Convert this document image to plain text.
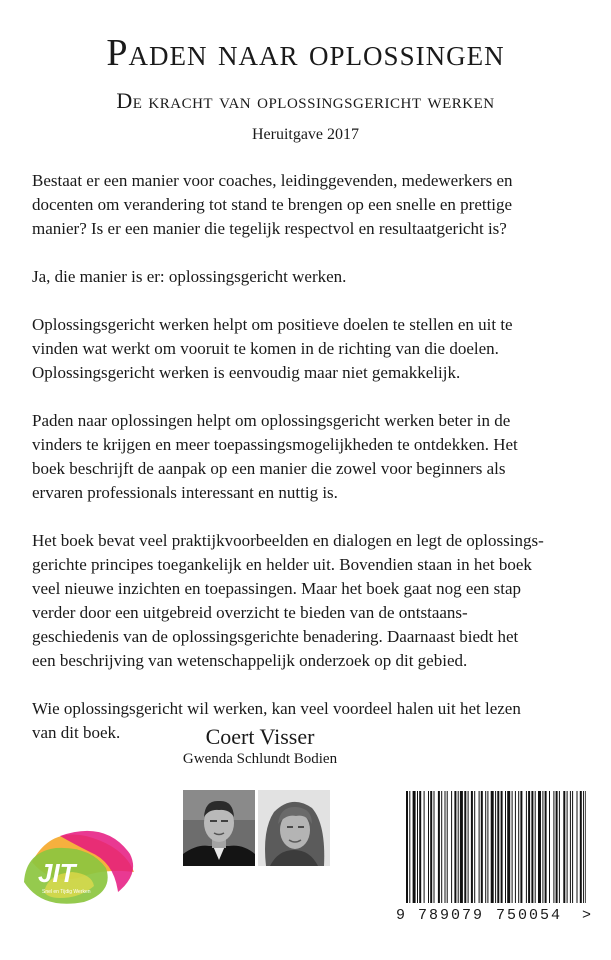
Paden naar oplossingen
De kracht van oplossingsgericht werken
Heruitgave 2017

Bestaat er een manier voor coaches, leidinggevenden, medewerkers en
docenten om verandering tot stand te brengen op een snelle en prettige
manier? Is er een manier die tegelijk respectvol en resultaatgericht is?

Ja, die manier is er: oplossingsgericht werken.

Oplossingsgericht werken helpt om positieve doelen te stellen en uit te
vinden wat werkt om vooruit te komen in de richting van die doelen.
Oplossingsgericht werken is eenvoudig maar niet gemakkelijk.

Paden naar oplossingen helpt om oplossingsgericht werken beter in de
vinders te krijgen en meer toepassingsmogelijkheden te ontdekken. Het
boek beschrijft de aanpak op een manier die zowel voor beginners als
ervaren professionals interessant en nuttig is.

Het boek bevat veel praktijkvoorbeelden en dialogen en legt de oplossings-
gerichte principes toegankelijk en helder uit. Bovendien staan in het boek
veel nieuwe inzichten en toepassingen. Maar het boek gaat nog een stap
verder door een uitgebreid overzicht te bieden van de ontstaans-
geschiedenis van de oplossingsgerichte benadering. Daarnaast biedt het
een beschrijving van wetenschappelijk onderzoek op dit gebied.

Wie oplossingsgericht wil werken, kan veel voordeel halen uit het lezen
van dit boek.	Coert Visser
Gwenda Schlundt Bodien
JIT
Snel en Tijdig Werken
9 789079 750054 >
